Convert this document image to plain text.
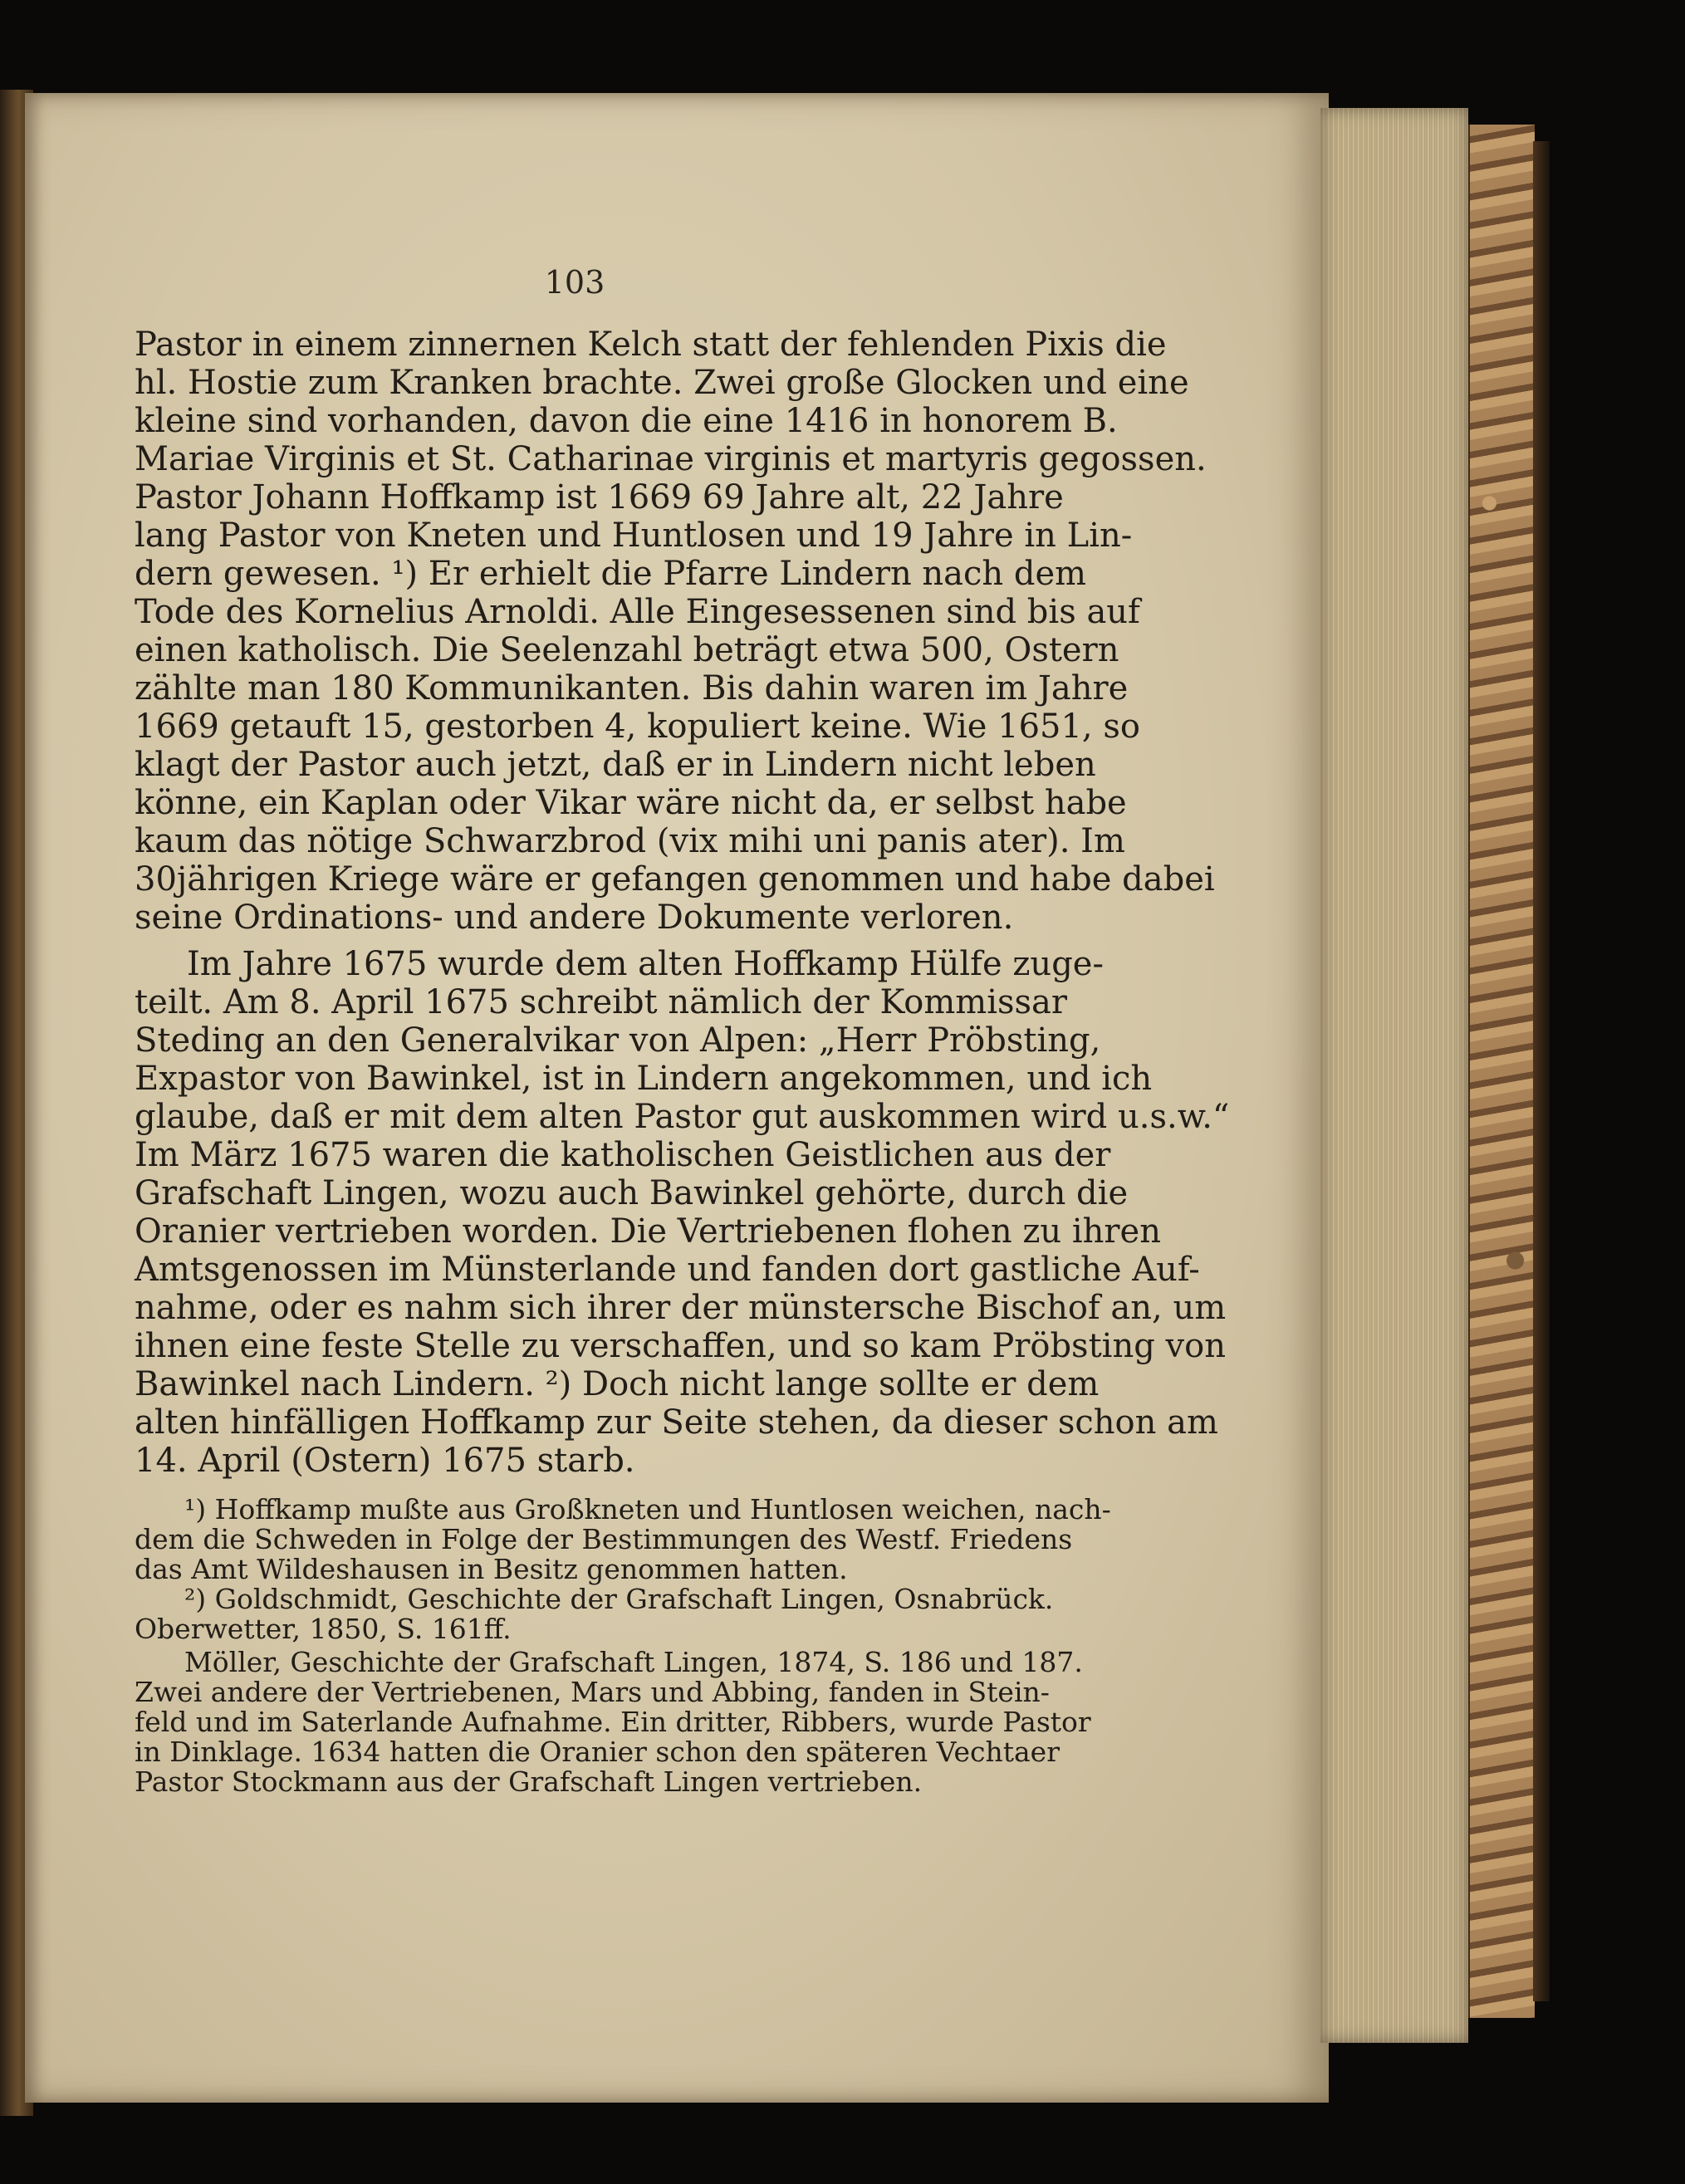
103
Pastor in einem zinnernen Kelch statt der fehlenden Pixis die
hl. Hostie zum Kranken brachte. Zwei große Glocken und eine
kleine sind vorhanden, davon die eine 1416 in honorem B.
Mariae Virginis et St. Catharinae virginis et martyris gegossen.
Pastor Johann Hoffkamp ist 1669 69 Jahre alt, 22 Jahre
lang Pastor von Kneten und Huntlosen und 19 Jahre in Lin-
dern gewesen. ¹) Er erhielt die Pfarre Lindern nach dem
Tode des Kornelius Arnoldi. Alle Eingesessenen sind bis auf
einen katholisch. Die Seelenzahl beträgt etwa 500, Ostern
zählte man 180 Kommunikanten. Bis dahin waren im Jahre
1669 getauft 15, gestorben 4, kopuliert keine. Wie 1651, so
klagt der Pastor auch jetzt, daß er in Lindern nicht leben
könne, ein Kaplan oder Vikar wäre nicht da, er selbst habe
kaum das nötige Schwarzbrod (vix mihi uni panis ater). Im
30jährigen Kriege wäre er gefangen genommen und habe dabei
seine Ordinations- und andere Dokumente verloren.
Im Jahre 1675 wurde dem alten Hoffkamp Hülfe zuge-
teilt. Am 8. April 1675 schreibt nämlich der Kommissar
Steding an den Generalvikar von Alpen: „Herr Pröbsting,
Expastor von Bawinkel, ist in Lindern angekommen, und ich
glaube, daß er mit dem alten Pastor gut auskommen wird u.s.w.“
Im März 1675 waren die katholischen Geistlichen aus der
Grafschaft Lingen, wozu auch Bawinkel gehörte, durch die
Oranier vertrieben worden. Die Vertriebenen flohen zu ihren
Amtsgenossen im Münsterlande und fanden dort gastliche Auf-
nahme, oder es nahm sich ihrer der münstersche Bischof an, um
ihnen eine feste Stelle zu verschaffen, und so kam Pröbsting von
Bawinkel nach Lindern. ²) Doch nicht lange sollte er dem
alten hinfälligen Hoffkamp zur Seite stehen, da dieser schon am
14. April (Ostern) 1675 starb.
¹) Hoffkamp mußte aus Großkneten und Huntlosen weichen, nach-
dem die Schweden in Folge der Bestimmungen des Westf. Friedens
das Amt Wildeshausen in Besitz genommen hatten.
²) Goldschmidt, Geschichte der Grafschaft Lingen, Osnabrück.
Oberwetter, 1850, S. 161ff.
Möller, Geschichte der Grafschaft Lingen, 1874, S. 186 und 187.
Zwei andere der Vertriebenen, Mars und Abbing, fanden in Stein-
feld und im Saterlande Aufnahme. Ein dritter, Ribbers, wurde Pastor
in Dinklage. 1634 hatten die Oranier schon den späteren Vechtaer
Pastor Stockmann aus der Grafschaft Lingen vertrieben.
